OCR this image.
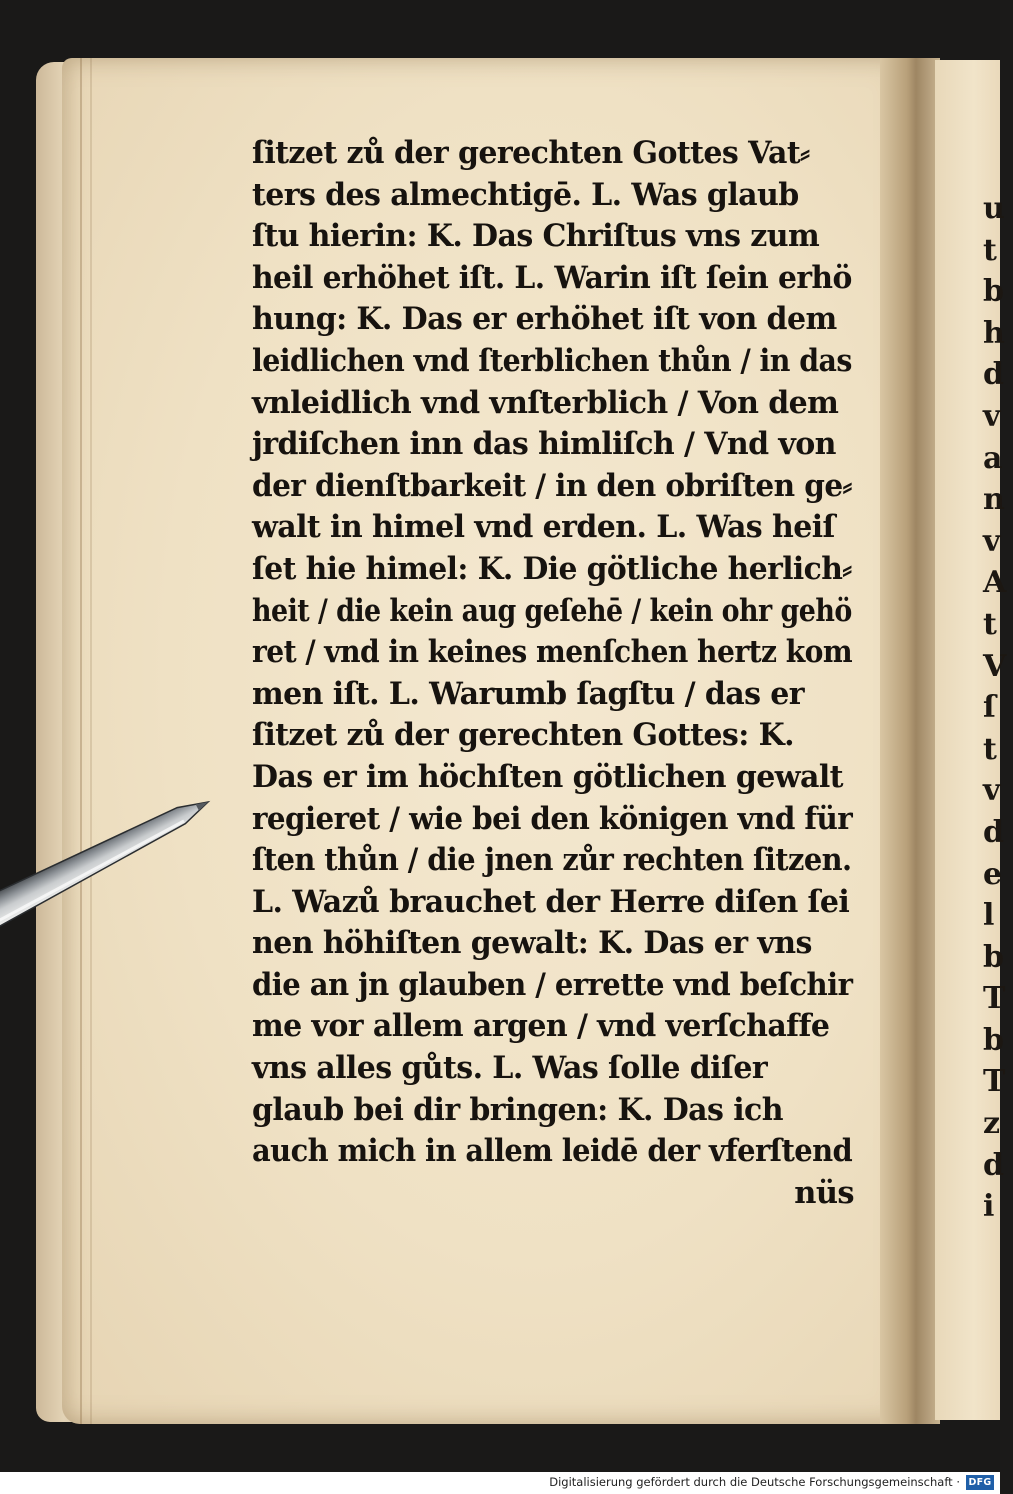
u
t
b
h
d
v
a
n
v
A
t
V
ſ
t
v
d
e
l
b
T
b
T
z
d
i
ſitzet zů der gerechten Gottes Vat⸗
ters des almechtigē. L. Was glaub
ſtu hierin: K. Das Chriſtus vns zum
heil erhöhet iſt. L. Warin iſt ſein erhö
hung: K. Das er erhöhet iſt von dem
leidlichen vnd ſterblichen thůn / in das
vnleidlich vnd vnſterblich / Von dem
jrdiſchen inn das himliſch / Vnd von
der dienſtbarkeit / in den obriſten ge⸗
walt in himel vnd erden. L. Was heiſ
ſet hie himel: K. Die götliche herlich⸗
heit / die kein aug geſehē / kein ohr gehö
ret / vnd in keines menſchen hertz kom
men iſt. L. Warumb ſagſtu / das er
ſitzet zů der gerechten Gottes: K.
Das er im höchſten götlichen gewalt
regieret / wie bei den königen vnd für
ſten thůn / die jnen zůr rechten ſitzen.
L. Wazů brauchet der Herre diſen ſei
nen höhiſten gewalt: K. Das er vns
die an jn glauben / errette vnd beſchir
me vor allem argen / vnd verſchaffe
vns alles gůts. L. Was ſolle diſer
glaub bei dir bringen: K. Das ich
auch mich in allem leidē der vferſtend
nüs
Digitalisierung gefördert durch die Deutsche Forschungsgemeinschaft · DFG
